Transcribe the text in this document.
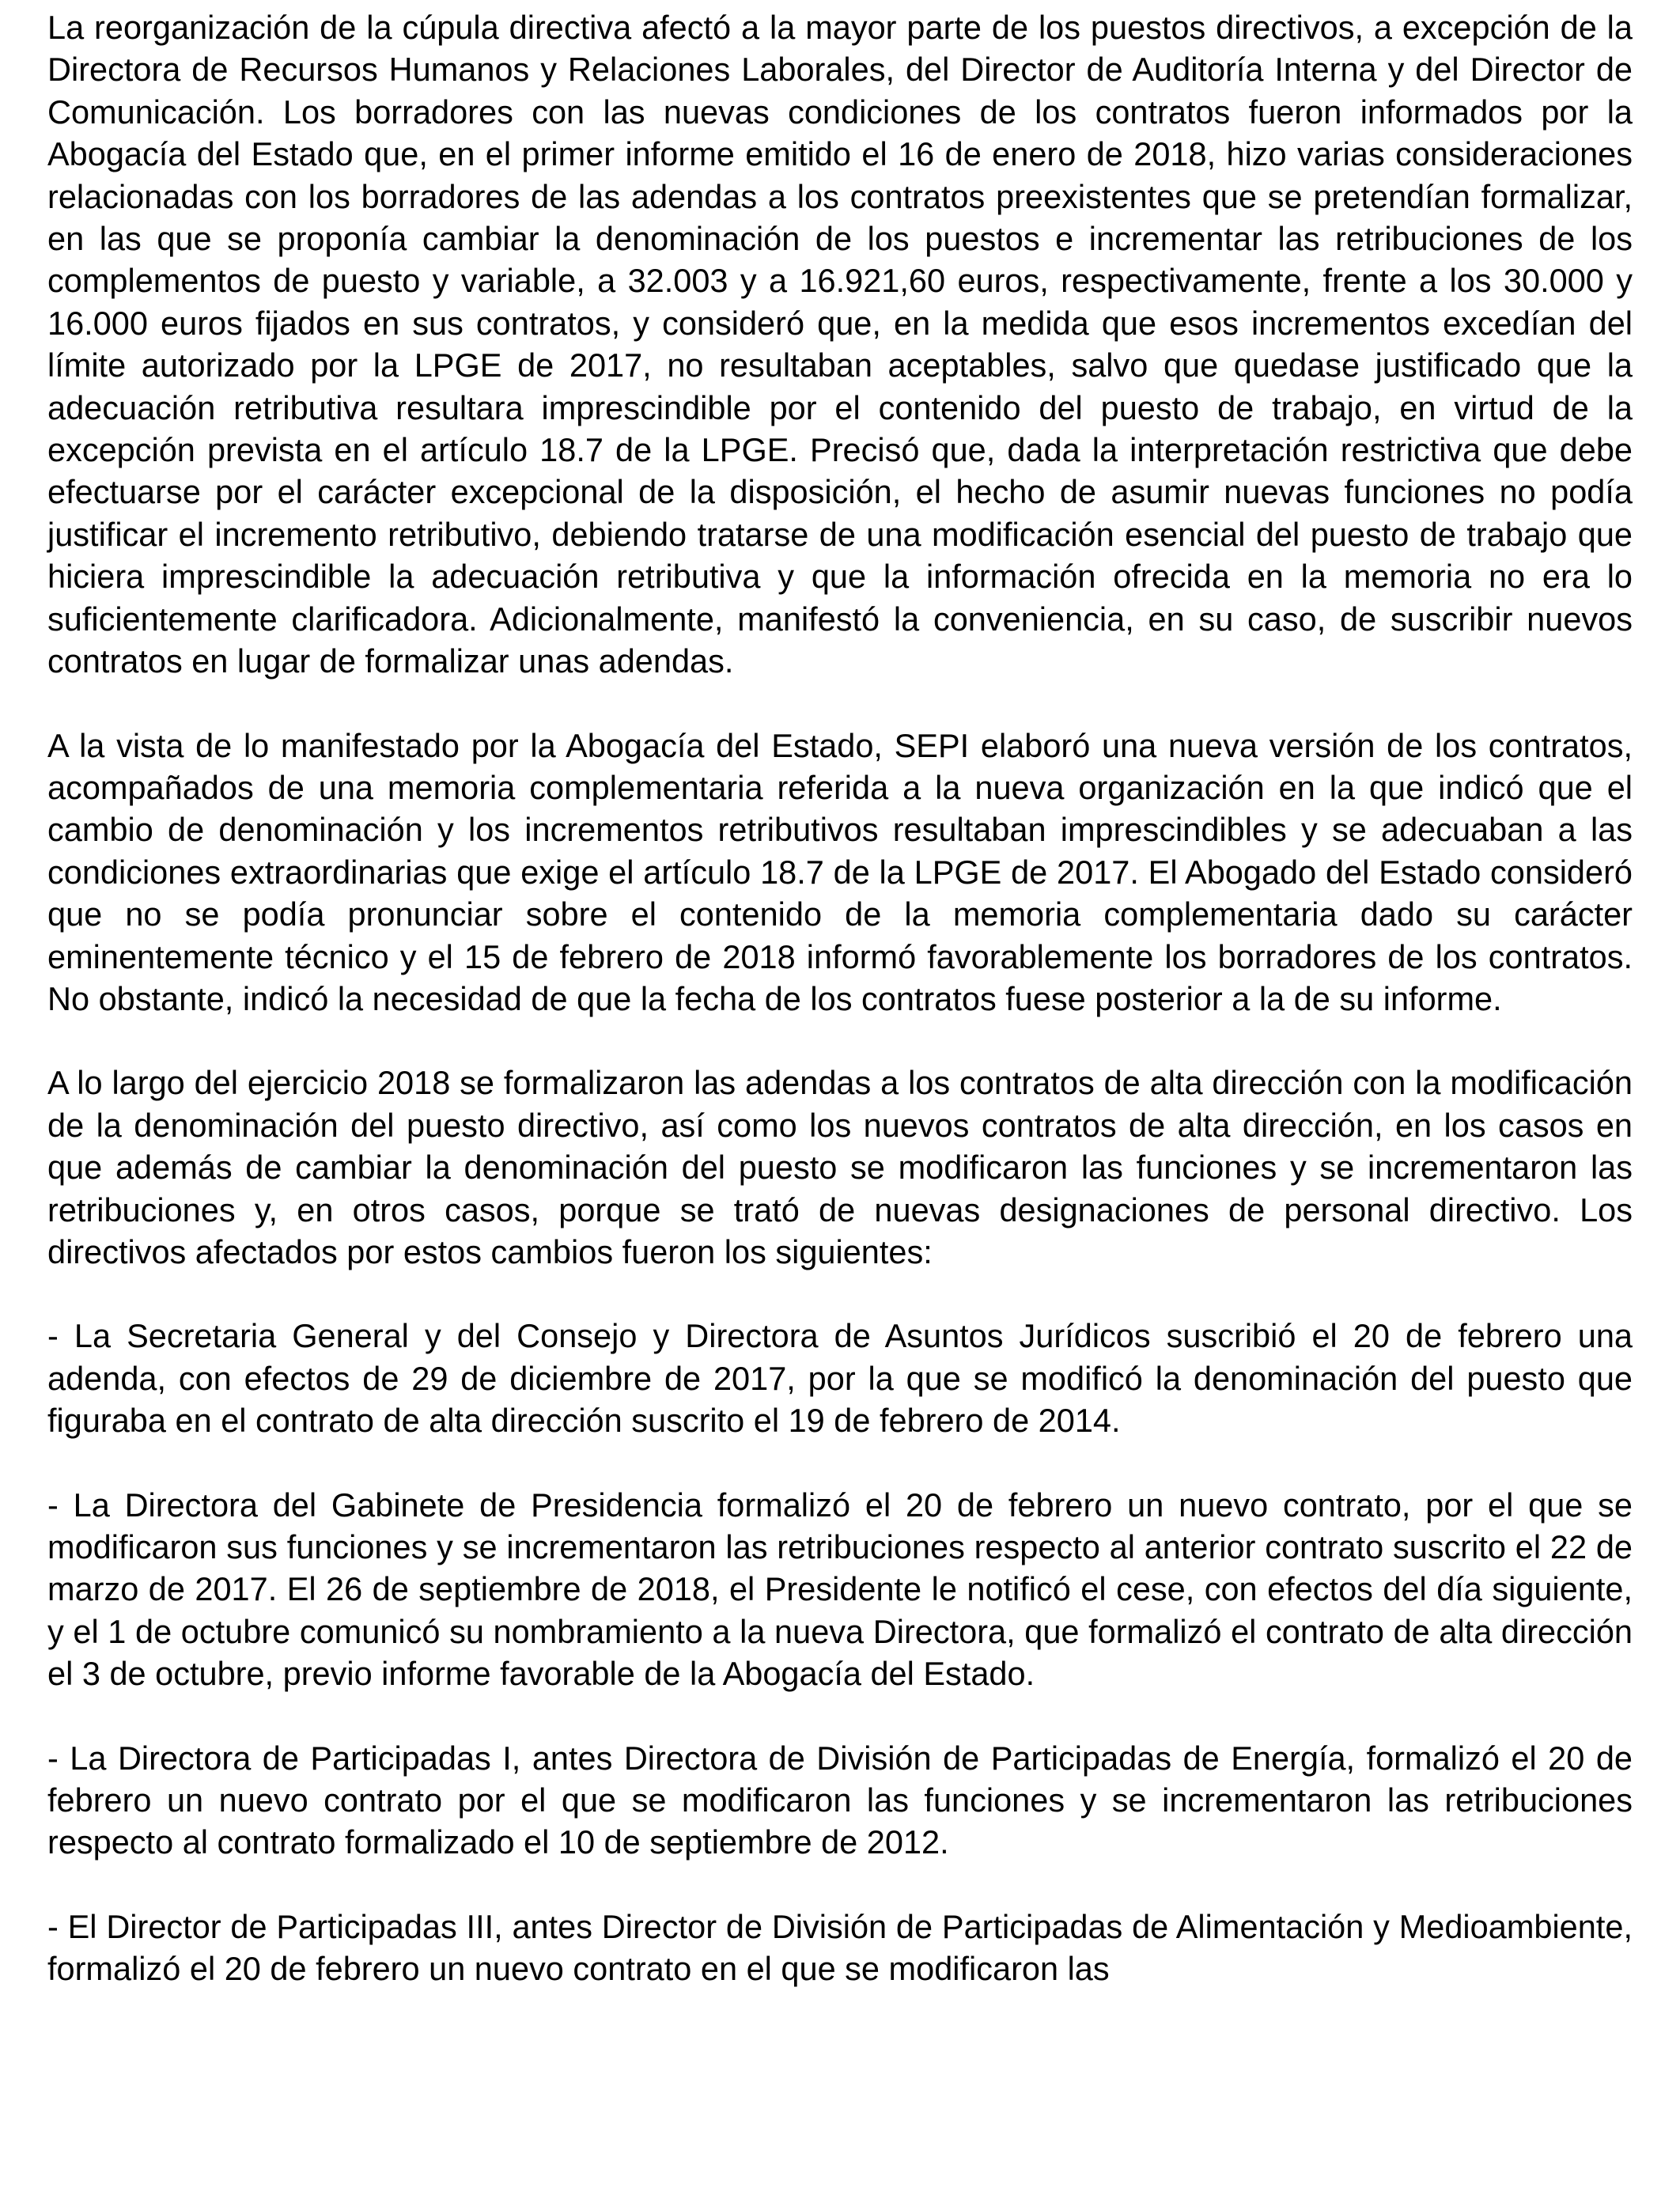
La reorganización de la cúpula directiva afectó a la mayor parte de los puestos directivos, a excepción de la Directora de Recursos Humanos y Relaciones Laborales, del Director de Auditoría Interna y del Director de Comunicación. Los borradores con las nuevas condiciones de los contratos fueron informados por la Abogacía del Estado que, en el primer informe emitido el 16 de enero de 2018, hizo varias consideraciones relacionadas con los borradores de las adendas a los contratos preexistentes que se pretendían formalizar, en las que se proponía cambiar la denominación de los puestos e incrementar las retribuciones de los complementos de puesto y variable, a 32.003 y a 16.921,60 euros, respectivamente, frente a los 30.000 y 16.000 euros fijados en sus contratos, y consideró que, en la medida que esos incrementos excedían del límite autorizado por la LPGE de 2017, no resultaban aceptables, salvo que quedase justificado que la adecuación retributiva resultara imprescindible por el contenido del puesto de trabajo, en virtud de la excepción prevista en el artículo 18.7 de la LPGE. Precisó que, dada la interpretación restrictiva que debe efectuarse por el carácter excepcional de la disposición, el hecho de asumir nuevas funciones no podía justificar el incremento retributivo, debiendo tratarse de una modificación esencial del puesto de trabajo que hiciera imprescindible la adecuación retributiva y que la información ofrecida en la memoria no era lo suficientemente clarificadora. Adicionalmente, manifestó la conveniencia, en su caso, de suscribir nuevos contratos en lugar de formalizar unas adendas.

A la vista de lo manifestado por la Abogacía del Estado, SEPI elaboró una nueva versión de los contratos, acompañados de una memoria complementaria referida a la nueva organización en la que indicó que el cambio de denominación y los incrementos retributivos resultaban imprescindibles y se adecuaban a las condiciones extraordinarias que exige el artículo 18.7 de la LPGE de 2017. El Abogado del Estado consideró que no se podía pronunciar sobre el contenido de la memoria complementaria dado su carácter eminentemente técnico y el 15 de febrero de 2018 informó favorablemente los borradores de los contratos. No obstante, indicó la necesidad de que la fecha de los contratos fuese posterior a la de su informe.

A lo largo del ejercicio 2018 se formalizaron las adendas a los contratos de alta dirección con la modificación de la denominación del puesto directivo, así como los nuevos contratos de alta dirección, en los casos en que además de cambiar la denominación del puesto se modificaron las funciones y se incrementaron las retribuciones y, en otros casos, porque se trató de nuevas designaciones de personal directivo. Los directivos afectados por estos cambios fueron los siguientes:

- La Secretaria General y del Consejo y Directora de Asuntos Jurídicos suscribió el 20 de febrero una adenda, con efectos de 29 de diciembre de 2017, por la que se modificó la denominación del puesto que figuraba en el contrato de alta dirección suscrito el 19 de febrero de 2014.

- La Directora del Gabinete de Presidencia formalizó el 20 de febrero un nuevo contrato, por el que se modificaron sus funciones y se incrementaron las retribuciones respecto al anterior contrato suscrito el 22 de marzo de 2017. El 26 de septiembre de 2018, el Presidente le notificó el cese, con efectos del día siguiente, y el 1 de octubre comunicó su nombramiento a la nueva Directora, que formalizó el contrato de alta dirección el 3 de octubre, previo informe favorable de la Abogacía del Estado.

- La Directora de Participadas I, antes Directora de División de Participadas de Energía, formalizó el 20 de febrero un nuevo contrato por el que se modificaron las funciones y se incrementaron las retribuciones respecto al contrato formalizado el 10 de septiembre de 2012.

- El Director de Participadas III, antes Director de División de Participadas de Alimentación y Medioambiente, formalizó el 20 de febrero un nuevo contrato en el que se modificaron las
